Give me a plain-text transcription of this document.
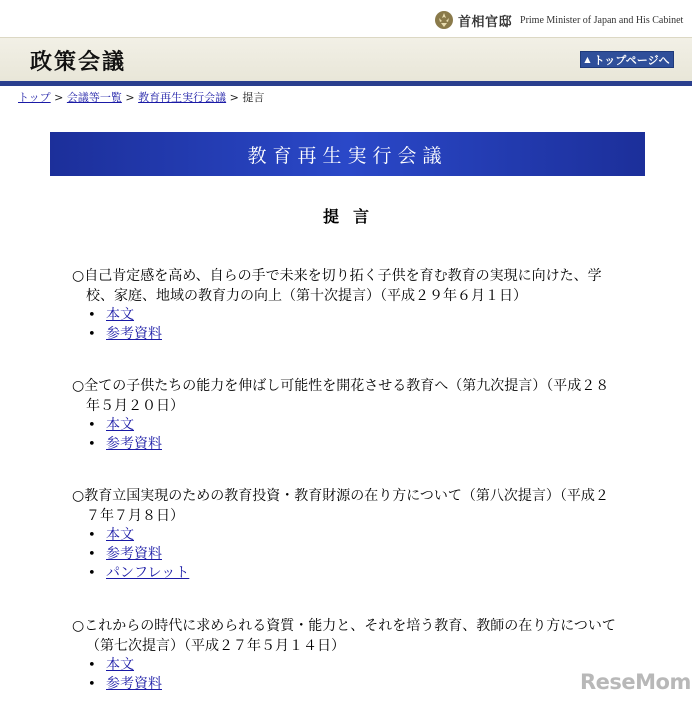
首相官邸 Prime Minister of Japan and His Cabinet
政策会議	▲ トップページへ
トップ > 会議等一覧 > 教育再生実行会議 > 提言
教育再生実行会議
提言
○自己肯定感を高め、自らの手で未来を切り拓く子供を育む教育の実現に向けた、学校、家庭、地域の教育力の向上（第十次提言）（平成２９年６月１日）
• 本文
• 参考資料
○全ての子供たちの能力を伸ばし可能性を開花させる教育へ（第九次提言）（平成２８年５月２０日）
• 本文
• 参考資料
○教育立国実現のための教育投資・教育財源の在り方について（第八次提言）（平成２７年７月８日）
• 本文
• 参考資料
• パンフレット
○これからの時代に求められる資質・能力と、それを培う教育、教師の在り方について（第七次提言）（平成２７年５月１４日）
• 本文
• 参考資料	ReseMom
